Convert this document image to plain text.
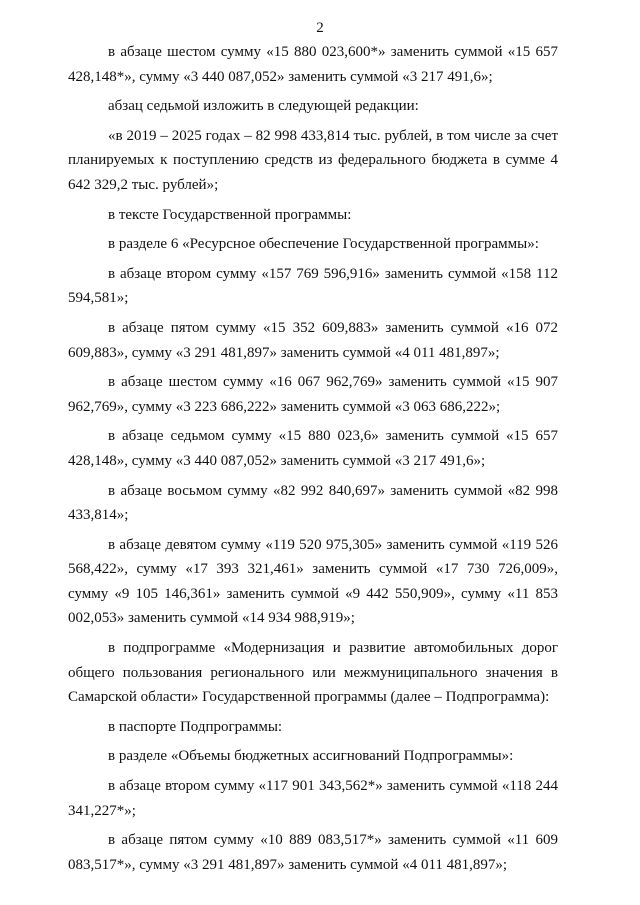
2

в абзаце шестом сумму «15 880 023,600*» заменить суммой «15 657 428,148*», сумму «3 440 087,052» заменить суммой «3 217 491,6»;

абзац седьмой изложить в следующей редакции:

«в 2019 – 2025 годах – 82 998 433,814 тыс. рублей, в том числе за счет планируемых к поступлению средств из федерального бюджета в сумме 4 642 329,2 тыс. рублей»;

в тексте Государственной программы:

в разделе 6 «Ресурсное обеспечение Государственной программы»:

в абзаце втором сумму «157 769 596,916» заменить суммой «158 112 594,581»;

в абзаце пятом сумму «15 352 609,883» заменить суммой «16 072 609,883», сумму «3 291 481,897» заменить суммой «4 011 481,897»;

в абзаце шестом сумму «16 067 962,769» заменить суммой «15 907 962,769», сумму «3 223 686,222» заменить суммой «3 063 686,222»;

в абзаце седьмом сумму «15 880 023,6» заменить суммой «15 657 428,148», сумму «3 440 087,052» заменить суммой «3 217 491,6»;

в абзаце восьмом сумму «82 992 840,697» заменить суммой «82 998 433,814»;

в абзаце девятом сумму «119 520 975,305» заменить суммой «119 526 568,422», сумму «17 393 321,461» заменить суммой «17 730 726,009», сумму «9 105 146,361» заменить суммой «9 442 550,909», сумму «11 853 002,053» заменить суммой «14 934 988,919»;

в подпрограмме «Модернизация и развитие автомобильных дорог общего пользования регионального или межмуниципального значения в Самарской области» Государственной программы (далее – Подпрограмма):

в паспорте Подпрограммы:

в разделе «Объемы бюджетных ассигнований Подпрограммы»:

в абзаце втором сумму «117 901 343,562*» заменить суммой «118 244 341,227*»;

в абзаце пятом сумму «10 889 083,517*» заменить суммой «11 609 083,517*», сумму «3 291 481,897» заменить суммой «4 011 481,897»;
